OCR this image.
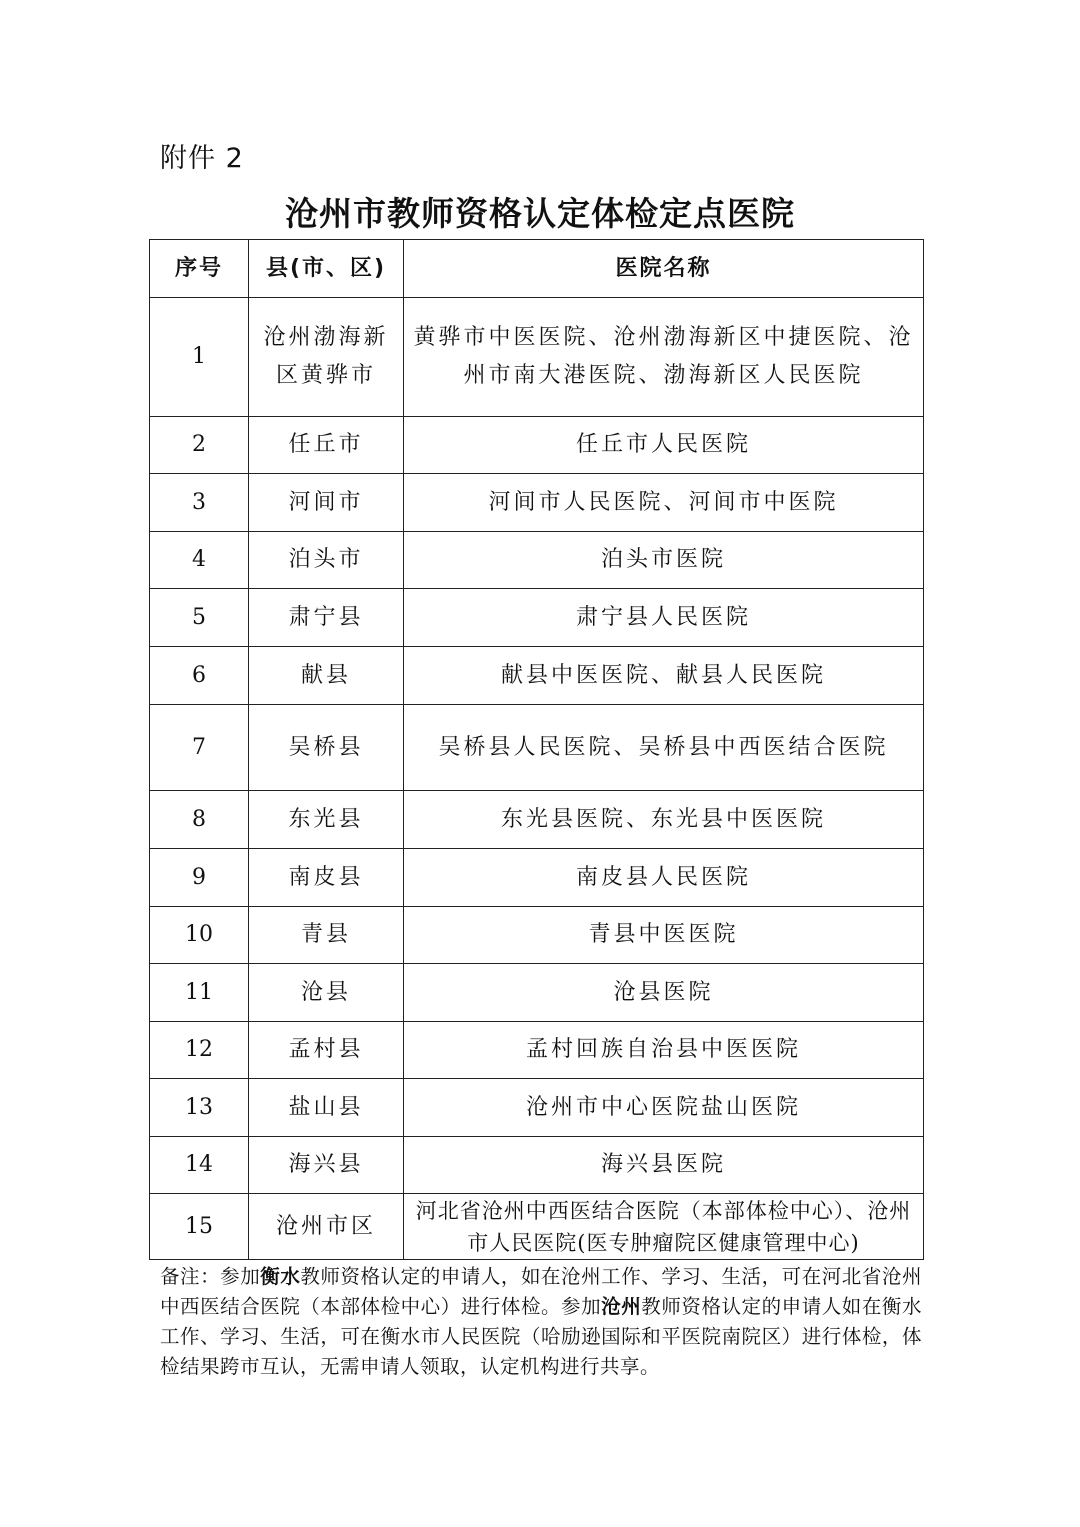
附件 2
沧州市教师资格认定体检定点医院
序号	县(市、区)	医院名称
1	沧州渤海新区黄骅市	黄骅市中医医院、沧州渤海新区中捷医院、沧州市南大港医院、渤海新区人民医院
2	任丘市	任丘市人民医院
3	河间市	河间市人民医院、河间市中医院
4	泊头市	泊头市医院
5	肃宁县	肃宁县人民医院
6	献县	献县中医医院、献县人民医院
7	吴桥县	吴桥县人民医院、吴桥县中西医结合医院
8	东光县	东光县医院、东光县中医医院
9	南皮县	南皮县人民医院
10	青县	青县中医医院
11	沧县	沧县医院
12	孟村县	孟村回族自治县中医医院
13	盐山县	沧州市中心医院盐山医院
14	海兴县	海兴县医院
15	沧州市区	河北省沧州中西医结合医院（本部体检中心）、沧州市人民医院(医专肿瘤院区健康管理中心)
备注：参加衡水教师资格认定的申请人，如在沧州工作、学习、生活，可在河北省沧州中西医结合医院（本部体检中心）进行体检。参加沧州教师资格认定的申请人如在衡水工作、学习、生活，可在衡水市人民医院（哈励逊国际和平医院南院区）进行体检，体检结果跨市互认，无需申请人领取，认定机构进行共享。
